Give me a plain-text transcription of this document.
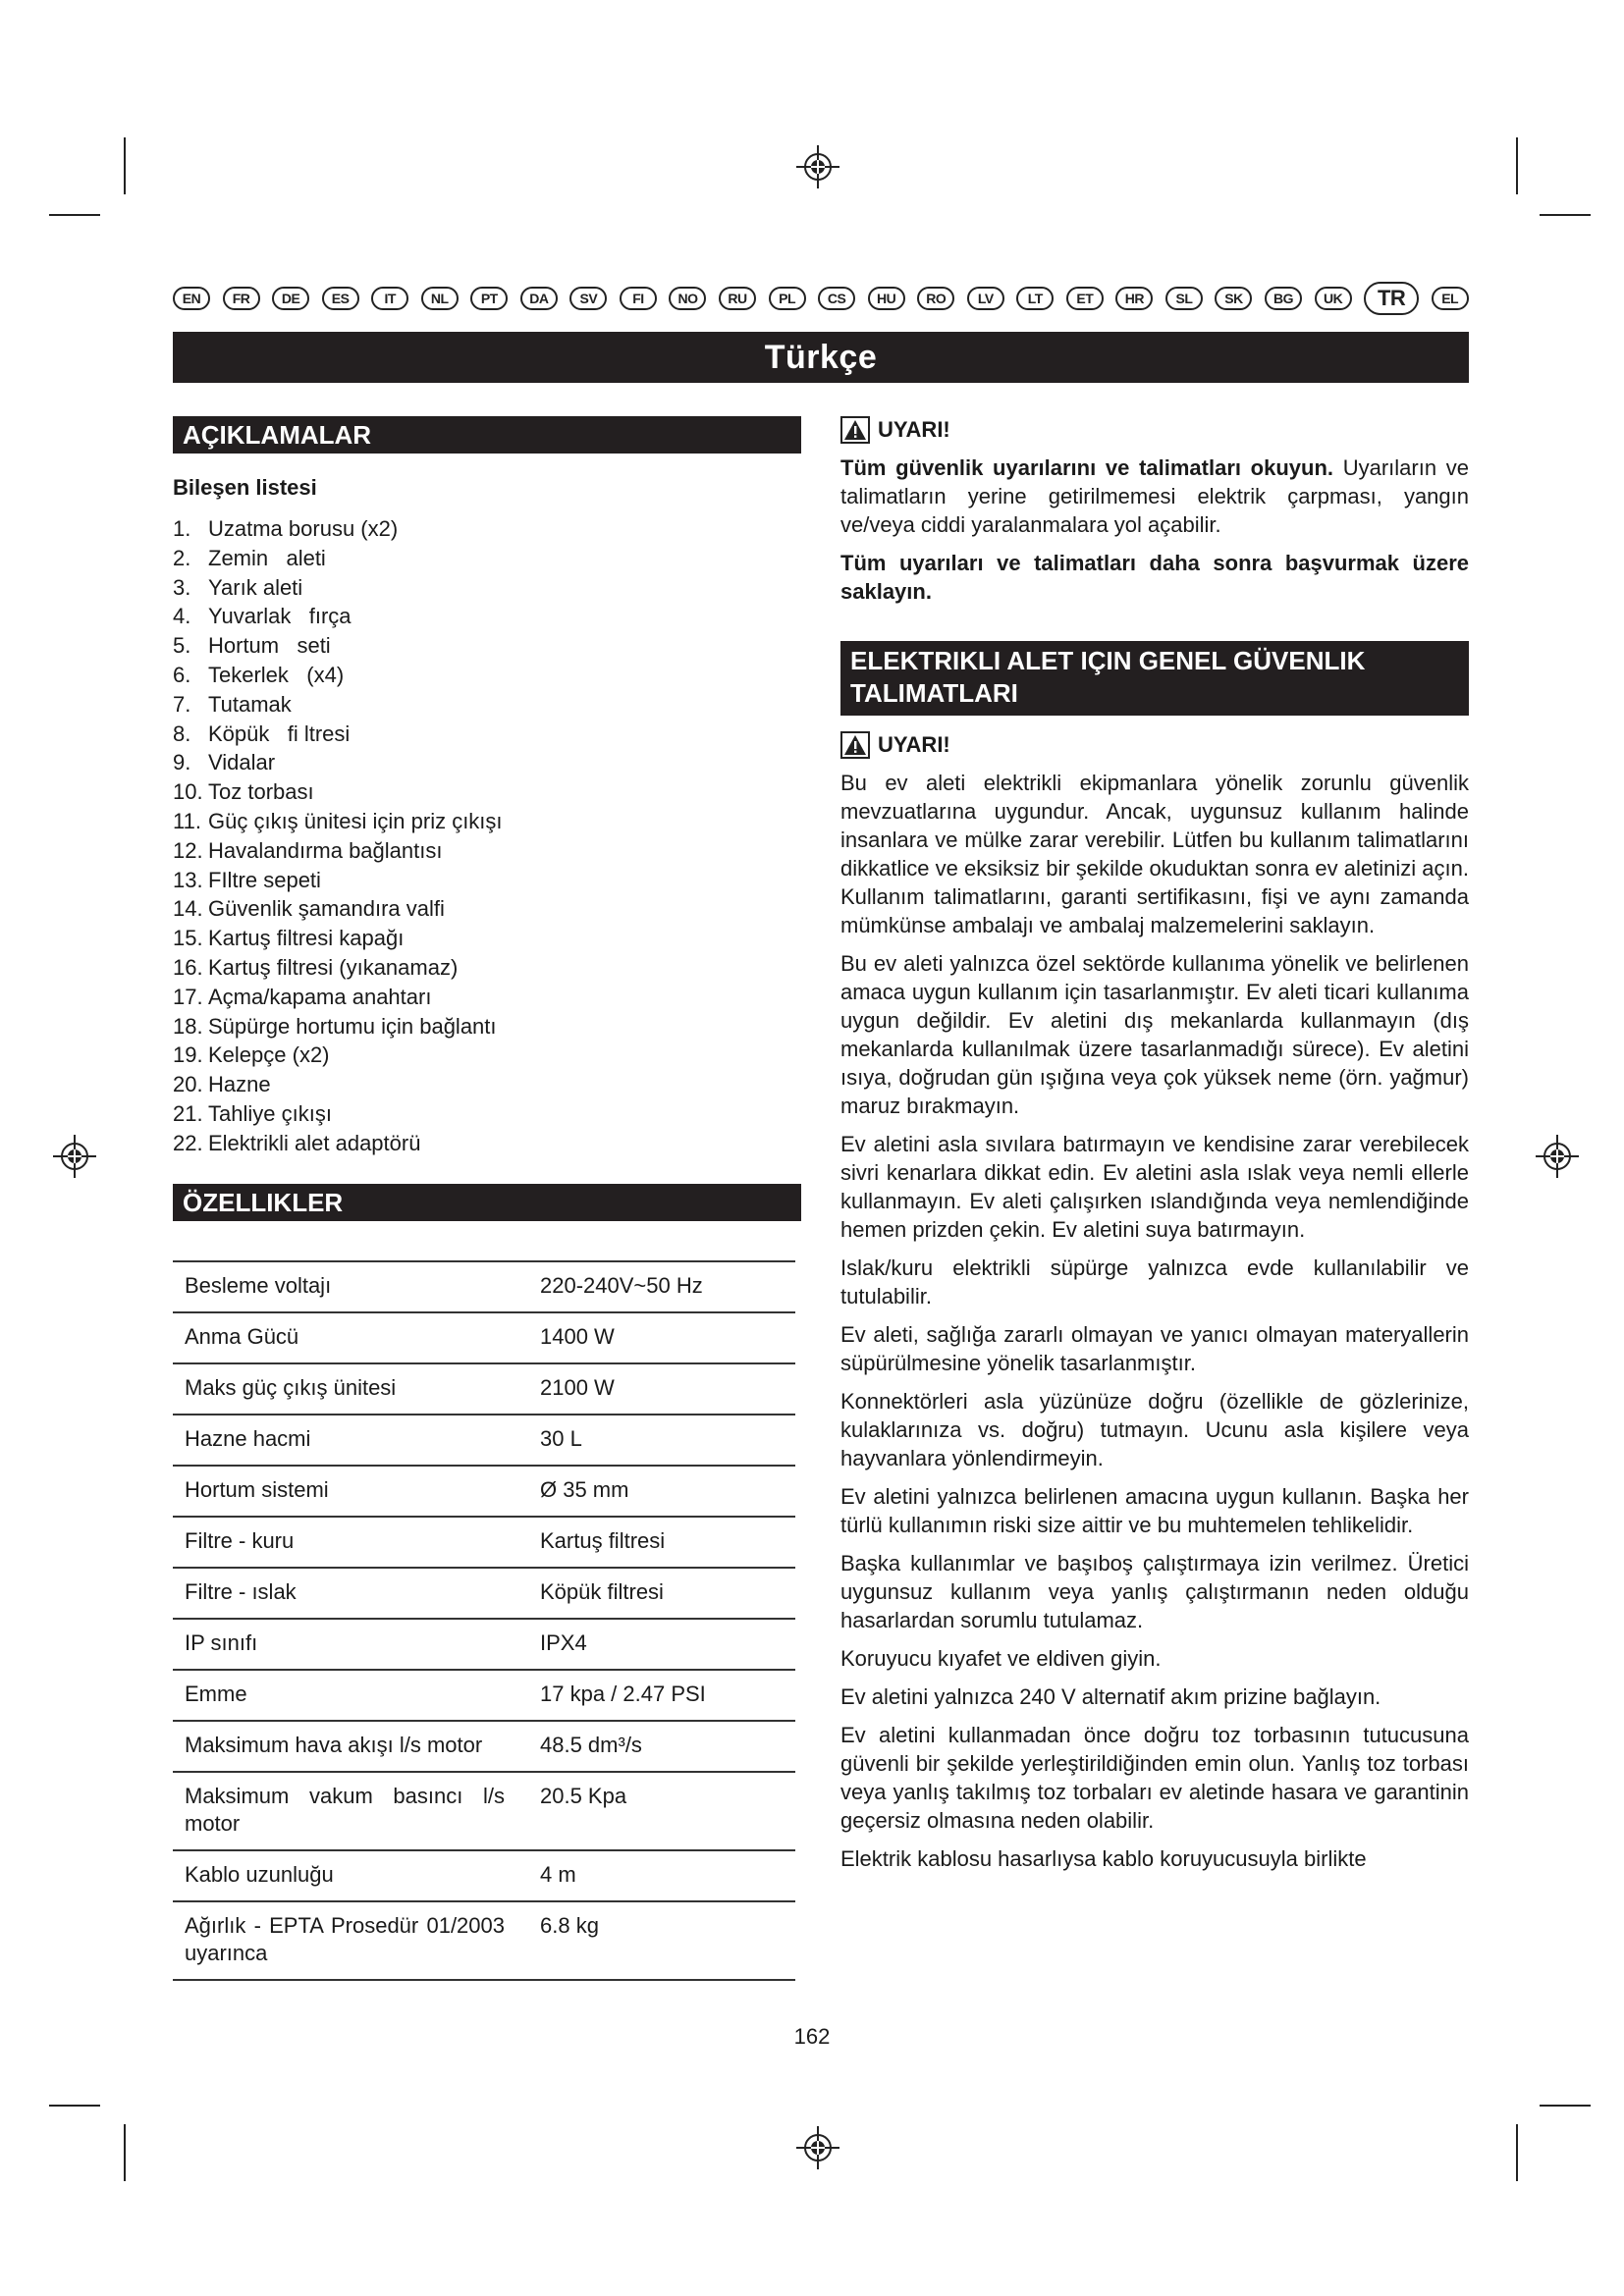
EN	FR	DE	ES	IT	NL	PT	DA	SV	FI	NO	RU	PL	CS	HU	RO	LV	LT	ET	HR	SL	SK	BG	UK	TR	EL
Türkçe
AÇIKLAMALAR
Bileşen listesi
1. Uzatma borusu (x2)
2. Zemin   aleti
3. Yarık aleti
4. Yuvarlak   fırça
5. Hortum   seti
6. Tekerlek   (x4)
7. Tutamak
8. Köpük   fi ltresi
9. Vidalar
10. Toz torbası
11. Güç çıkış ünitesi için priz çıkışı
12. Havalandırma bağlantısı
13. FIltre sepeti
14. Güvenlik şamandıra valfi
15. Kartuş filtresi kapağı
16. Kartuş filtresi (yıkanamaz)
17. Açma/kapama anahtarı
18. Süpürge hortumu için bağlantı
19. Kelepçe (x2)
20. Hazne
21. Tahliye çıkışı
22. Elektrikli alet adaptörü
ÖZELLIKLER
Besleme voltajı	220-240V~50 Hz
Anma Gücü	1400 W
Maks güç çıkış ünitesi	2100 W
Hazne hacmi	30 L
Hortum sistemi	Ø 35 mm
Filtre - kuru	Kartuş filtresi
Filtre - ıslak	Köpük filtresi
IP sınıfı	IPX4
Emme	17 kpa / 2.47 PSI
Maksimum hava akışı l/s motor	48.5 dm³/s
Maksimum vakum basıncı l/s motor	20.5 Kpa
Kablo uzunluğu	4 m
Ağırlık - EPTA Prosedür 01/2003 uyarınca	6.8 kg
UYARI!

Tüm güvenlik uyarılarını ve talimatları okuyun. Uyarıların ve talimatların yerine getirilmemesi elektrik çarpması, yangın ve/veya ciddi yaralanmalara yol açabilir.

Tüm uyarıları ve talimatları daha sonra başvurmak üzere saklayın.

ELEKTRIKLI ALET IÇIN GENEL GÜVENLIK TALIMATLARI
UYARI!

Bu ev aleti elektrikli ekipmanlara yönelik zorunlu güvenlik mevzuatlarına uygundur. Ancak, uygunsuz kullanım halinde insanlara ve mülke zarar verebilir. Lütfen bu kullanım talimatlarını dikkatlice ve eksiksiz bir şekilde okuduktan sonra ev aletinizi açın. Kullanım talimatlarını, garanti sertifikasını, fişi ve aynı zamanda mümkünse ambalajı ve ambalaj malzemelerini saklayın.

Bu ev aleti yalnızca özel sektörde kullanıma yönelik ve belirlenen amaca uygun kullanım için tasarlanmıştır. Ev aleti ticari kullanıma uygun değildir. Ev aletini dış mekanlarda kullanmayın (dış mekanlarda kullanılmak üzere tasarlanmadığı sürece). Ev aletini ısıya, doğrudan gün ışığına veya çok yüksek neme (örn. yağmur) maruz bırakmayın.

Ev aletini asla sıvılara batırmayın ve kendisine zarar verebilecek sivri kenarlara dikkat edin. Ev aletini asla ıslak veya nemli ellerle kullanmayın. Ev aleti çalışırken ıslandığında veya nemlendiğinde hemen prizden çekin. Ev aletini suya batırmayın.

Islak/kuru elektrikli süpürge yalnızca evde kullanılabilir ve tutulabilir.

Ev aleti, sağlığa zararlı olmayan ve yanıcı olmayan materyallerin süpürülmesine yönelik tasarlanmıştır.

Konnektörleri asla yüzünüze doğru (özellikle de gözlerinize, kulaklarınıza vs. doğru) tutmayın. Ucunu asla kişilere veya hayvanlara yönlendirmeyin.

Ev aletini yalnızca belirlenen amacına uygun kullanın. Başka her türlü kullanımın riski size aittir ve bu muhtemelen tehlikelidir.

Başka kullanımlar ve başıboş çalıştırmaya izin verilmez. Üretici uygunsuz kullanım veya yanlış çalıştırmanın neden olduğu hasarlardan sorumlu tutulamaz.

Koruyucu kıyafet ve eldiven giyin.

Ev aletini yalnızca 240 V alternatif akım prizine bağlayın.

Ev aletini kullanmadan önce doğru toz torbasının tutucusuna güvenli bir şekilde yerleştirildiğinden emin olun. Yanlış toz torbası veya yanlış takılmış toz torbaları ev aletinde hasara ve garantinin geçersiz olmasına neden olabilir.

Elektrik kablosu hasarlıysa kablo koruyucusuyla birlikte

162
